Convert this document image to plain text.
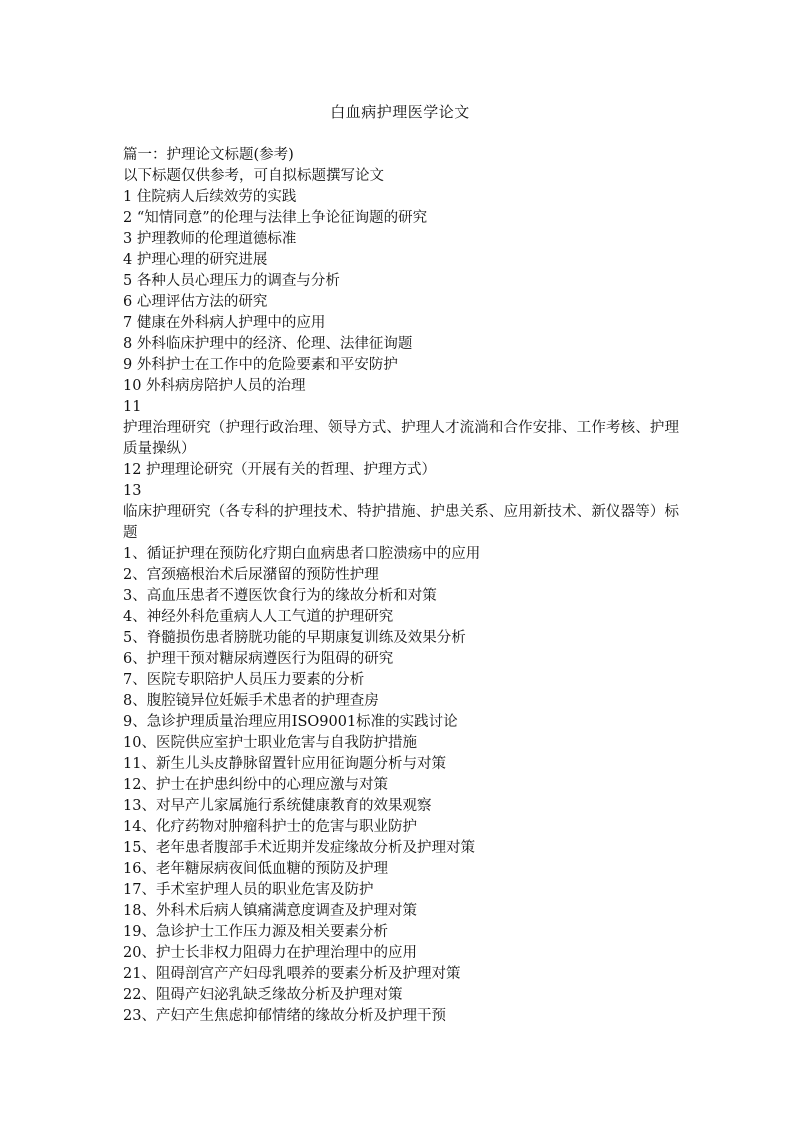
白血病护理医学论文
篇一：护理论文标题(参考)
以下标题仅供参考，可自拟标题撰写论文
1 住院病人后续效劳的实践
2 “知情同意”的伦理与法律上争论征询题的研究
3 护理教师的伦理道德标准
4 护理心理的研究进展
5 各种人员心理压力的调查与分析
6 心理评估方法的研究
7 健康在外科病人护理中的应用
8 外科临床护理中的经济、伦理、法律征询题
9 外科护士在工作中的危险要素和平安防护
10 外科病房陪护人员的治理
11
护理治理研究（护理行政治理、领导方式、护理人才流淌和合作安排、工作考核、护理质量操纵）
12 护理理论研究（开展有关的哲理、护理方式）
13
临床护理研究（各专科的护理技术、特护措施、护患关系、应用新技术、新仪器等）标题
1、循证护理在预防化疗期白血病患者口腔溃疡中的应用
2、宫颈癌根治术后尿潴留的预防性护理
3、高血压患者不遵医饮食行为的缘故分析和对策
4、神经外科危重病人人工气道的护理研究
5、脊髓损伤患者膀胱功能的早期康复训练及效果分析
6、护理干预对糖尿病遵医行为阻碍的研究
7、医院专职陪护人员压力要素的分析
8、腹腔镜异位妊娠手术患者的护理查房
9、急诊护理质量治理应用ISO9001标准的实践讨论
10、医院供应室护士职业危害与自我防护措施
11、新生儿头皮静脉留置针应用征询题分析与对策
12、护士在护患纠纷中的心理应激与对策
13、对早产儿家属施行系统健康教育的效果观察
14、化疗药物对肿瘤科护士的危害与职业防护
15、老年患者腹部手术近期并发症缘故分析及护理对策
16、老年糖尿病夜间低血糖的预防及护理
17、手术室护理人员的职业危害及防护
18、外科术后病人镇痛满意度调查及护理对策
19、急诊护士工作压力源及相关要素分析
20、护士长非权力阻碍力在护理治理中的应用
21、阻碍剖宫产产妇母乳喂养的要素分析及护理对策
22、阻碍产妇泌乳缺乏缘故分析及护理对策
23、产妇产生焦虑抑郁情绪的缘故分析及护理干预
